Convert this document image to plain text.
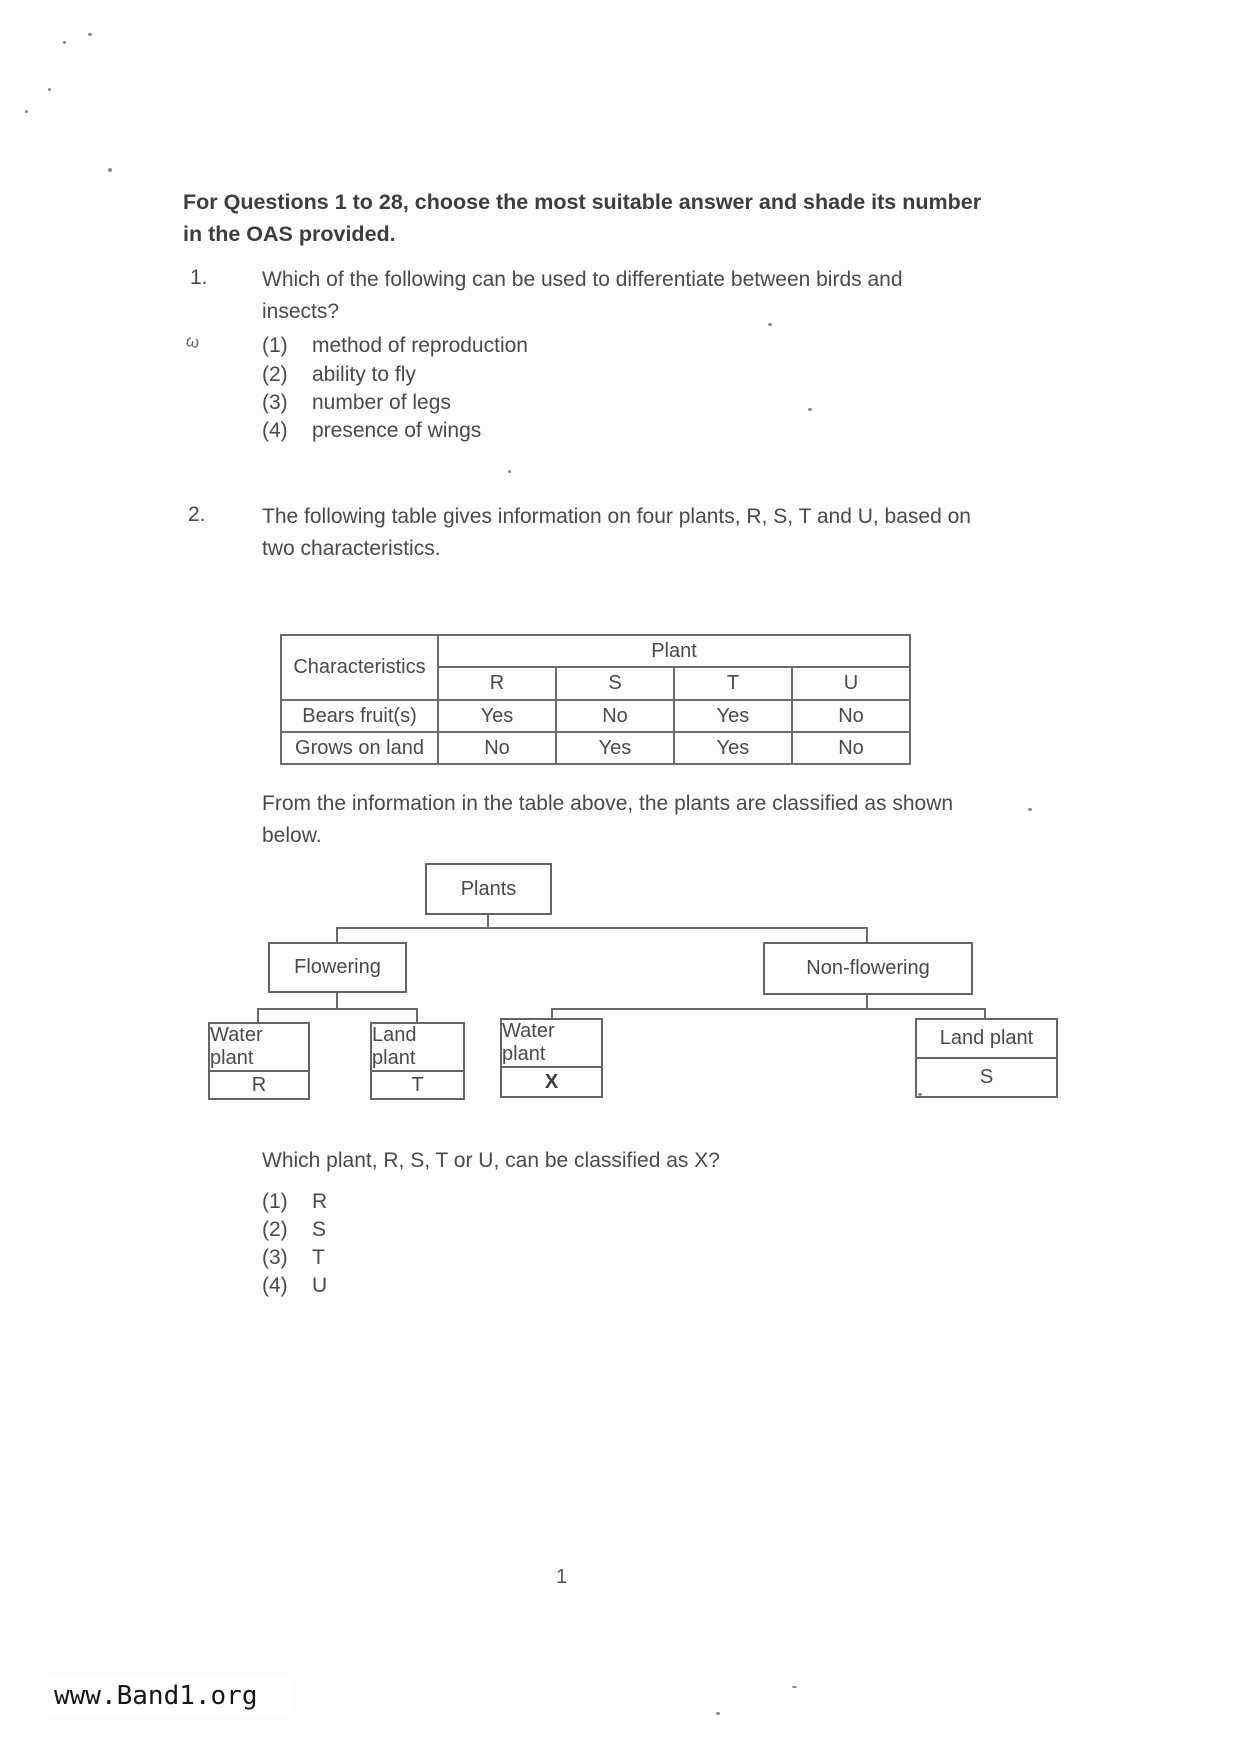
For Questions 1 to 28, choose the most suitable answer and shade its number in the OAS provided.
1.	Which of the following can be used to differentiate between birds and insects?
ω	(1)	method of reproduction
(2)	ability to fly
(3)	number of legs
(4)	presence of wings
2.	The following table gives information on four plants, R, S, T and U, based on two characteristics.
Characteristics	Plant			
	R	S	T	U
Bears fruit(s)	Yes	No	Yes	No
Grows on land	No	Yes	Yes	No
From the information in the table above, the plants are classified as shown below.
Plants
Flowering	Non-flowering
Water plant
R
Land plant
T
Water plant
X
Land plant
S
Which plant, R, S, T or U, can be classified as X?
(1)	R
(2)	S
(3)	T
(4)	U
1
www.Band1.org
